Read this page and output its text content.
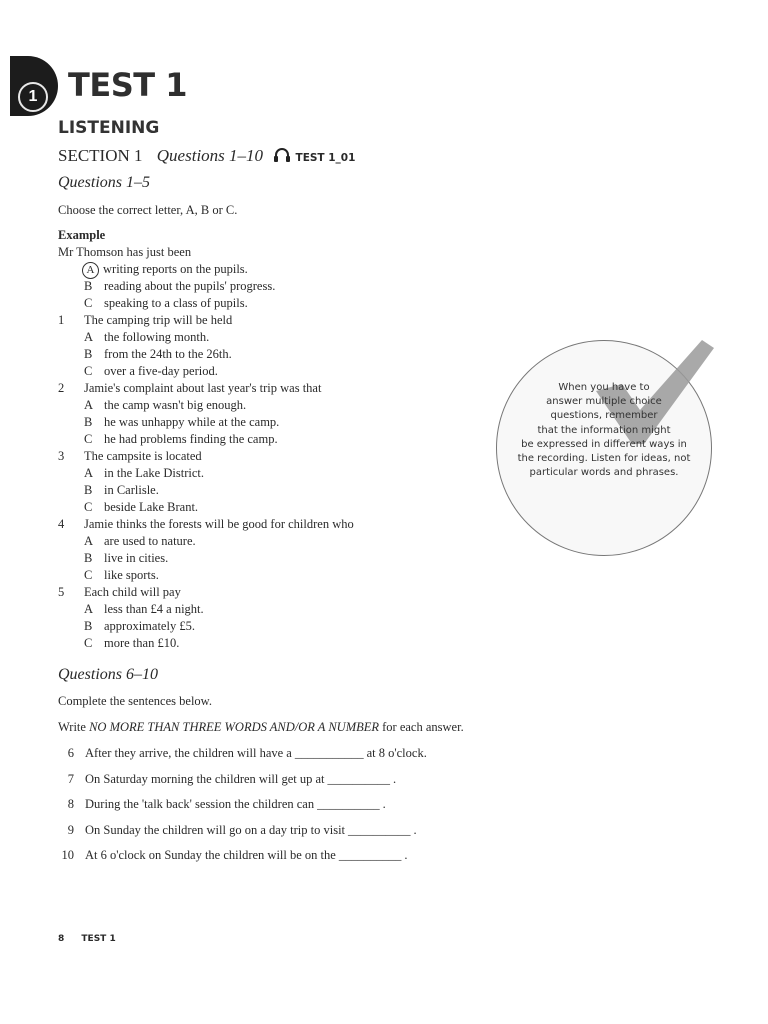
1 TEST 1
LISTENING
SECTION 1 Questions 1–10	TEST 1_01
Questions 1–5
Choose the correct letter, A, B or C.
Example
Mr Thomson has just been
A writing reports on the pupils.
B reading about the pupils' progress.
C speaking to a class of pupils.
1 The camping trip will be held
A the following month.
B from the 24th to the 26th.
C over a five-day period.
2 Jamie's complaint about last year's trip was that
A the camp wasn't big enough.
B he was unhappy while at the camp.
C he had problems finding the camp.
3 The campsite is located
A in the Lake District.
B in Carlisle.
C beside Lake Brant.
4 Jamie thinks the forests will be good for children who
A are used to nature.
B live in cities.
C like sports.
5 Each child will pay
A less than £4 a night.
B approximately £5.
C more than £10.
When you have to
answer multiple choice
questions, remember
that the information might
be expressed in different ways in
the recording. Listen for ideas, not
particular words and phrases.
Questions 6–10
Complete the sentences below.
Write NO MORE THAN THREE WORDS AND/OR A NUMBER for each answer.
6 After they arrive, the children will have a ___________ at 8 o'clock.
7 On Saturday morning the children will get up at __________ .
8 During the 'talk back' session the children can __________ .
9 On Sunday the children will go on a day trip to visit __________ .
10 At 6 o'clock on Sunday the children will be on the __________ .
8 TEST 1
